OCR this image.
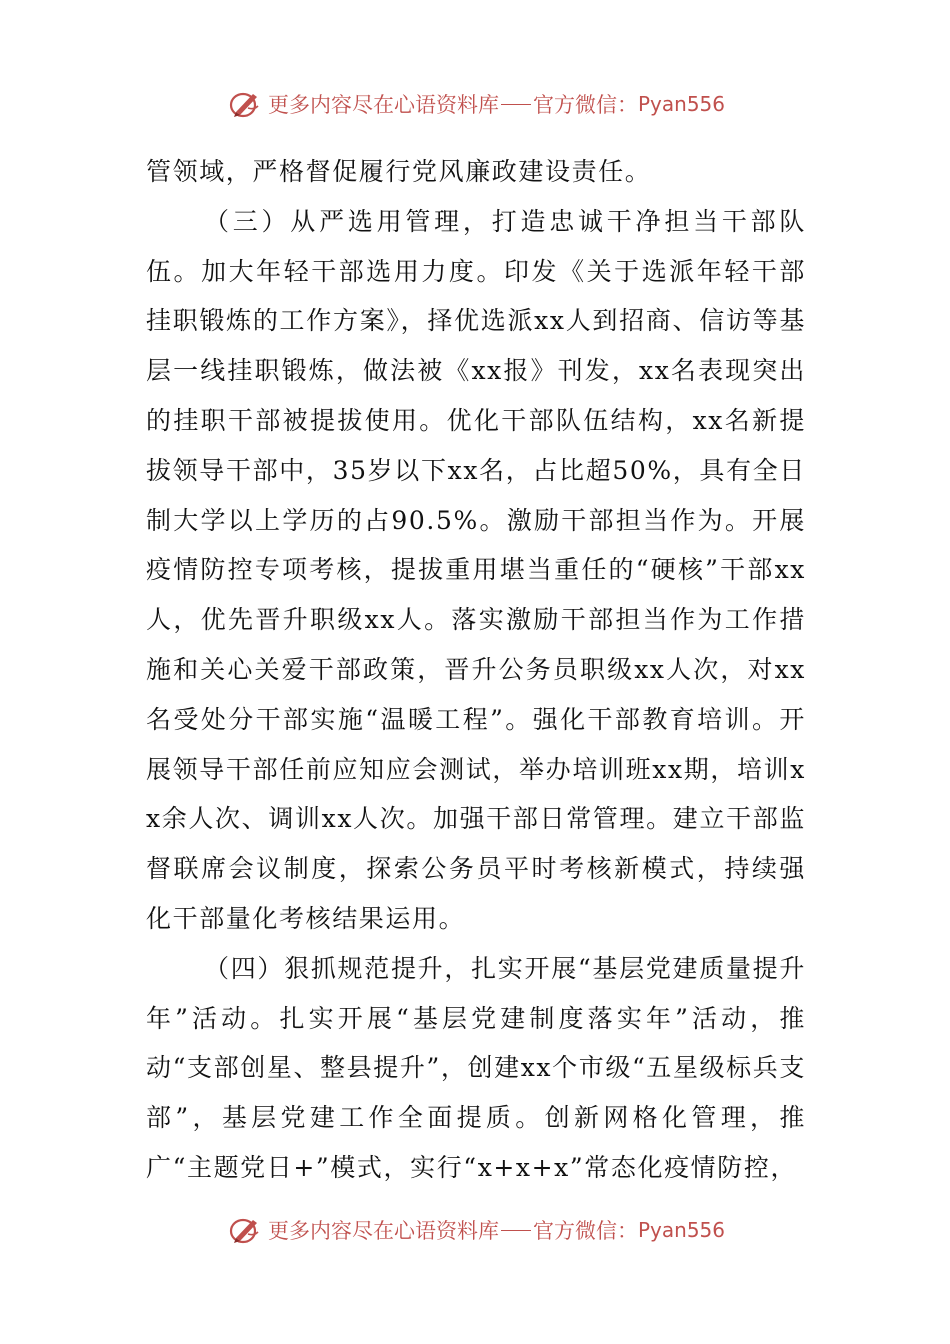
更多内容尽在心语资料库 官方微信： Pyan556

管领域，严格督促履行党风廉政建设责任。

（三）从严选用管理，打造忠诚干净担当干部队伍。加大年轻干部选用力度。印发《关于选派年轻干部挂职锻炼的工作方案》，择优选派xx人到招商、信访等基层一线挂职锻炼，做法被《xx报》刊发，xx名表现突出的挂职干部被提拔使用。优化干部队伍结构，xx名新提拔领导干部中，35岁以下xx名，占比超50%，具有全日制大学以上学历的占90.5%。激励干部担当作为。开展疫情防控专项考核，提拔重用堪当重任的“硬核”干部xx人，优先晋升职级xx人。落实激励干部担当作为工作措施和关心关爱干部政策，晋升公务员职级xx人次，对xx名受处分干部实施“温暖工程”。强化干部教育培训。开展领导干部任前应知应会测试，举办培训班xx期，培训xx余人次、调训xx人次。加强干部日常管理。建立干部监督联席会议制度，探索公务员平时考核新模式，持续强化干部量化考核结果运用。

（四）狠抓规范提升，扎实开展“基层党建质量提升年”活动。扎实开展“基层党建制度落实年”活动，推动“支部创星、整县提升”，创建xx个市级“五星级标兵支部”，基层党建工作全面提质。创新网格化管理，推广“主题党日+”模式，实行“x+x+x”常态化疫情防控，

更多内容尽在心语资料库 官方微信： Pyan556
